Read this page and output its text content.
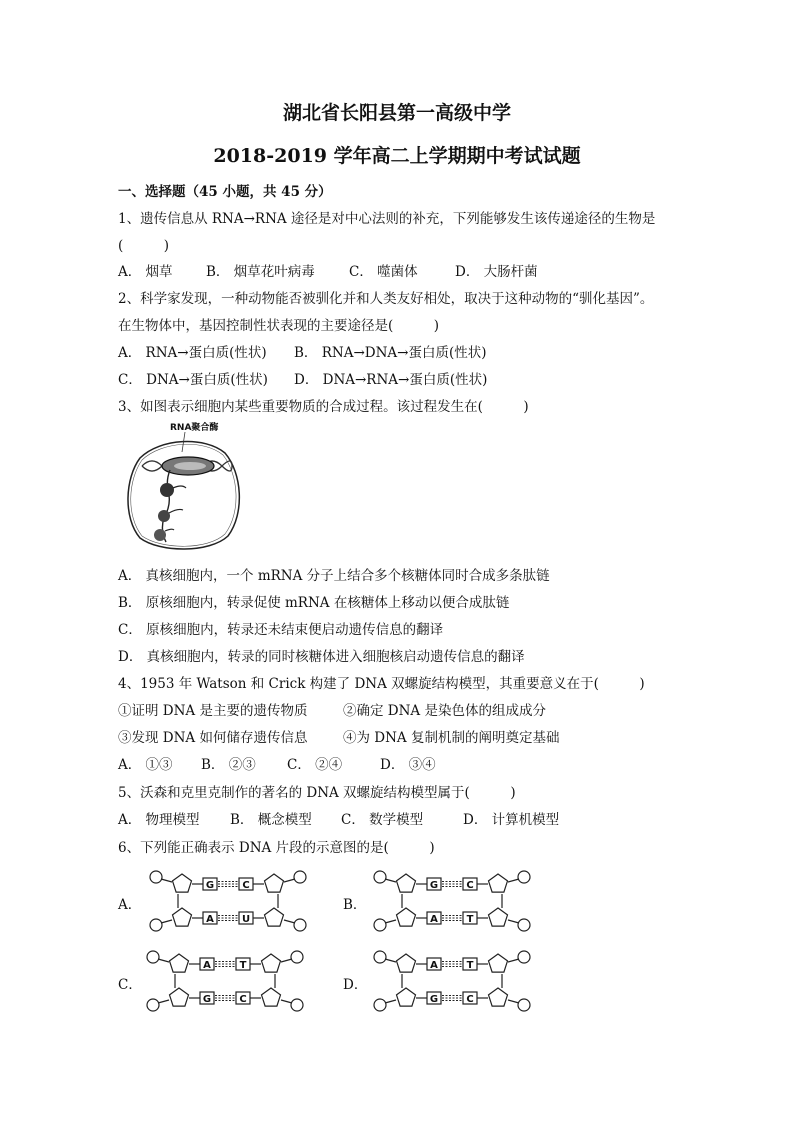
湖北省长阳县第一高级中学
2018-2019 学年高二上学期期中考试试题
一、选择题（45 小题，共 45 分）
1、遗传信息从 RNA→RNA 途径是对中心法则的补充，下列能够发生该传递途径的生物是
(　　　)
A． 烟草 B． 烟草花叶病毒	C． 噬菌体	D． 大肠杆菌
2、科学家发现，一种动物能否被驯化并和人类友好相处，取决于这种动物的“驯化基因”。
在生物体中，基因控制性状表现的主要途径是(　　　)
A． RNA→蛋白质(性状) B． RNA→DNA→蛋白质(性状)
C． DNA→蛋白质(性状) D． DNA→RNA→蛋白质(性状)
3、如图表示细胞内某些重要物质的合成过程。该过程发生在(　　　)
RNA聚合酶
A． 真核细胞内，一个 mRNA 分子上结合多个核糖体同时合成多条肽链
B． 原核细胞内，转录促使 mRNA 在核糖体上移动以便合成肽链
C． 原核细胞内，转录还未结束便启动遗传信息的翻译
D． 真核细胞内，转录的同时核糖体进入细胞核启动遗传信息的翻译
4、1953 年 Watson 和 Crick 构建了 DNA 双螺旋结构模型，其重要意义在于(　　　)
①证明 DNA 是主要的遗传物质	②确定 DNA 是染色体的组成成分
③发现 DNA 如何储存遗传信息	④为 DNA 复制机制的阐明奠定基础
A． ①③ B． ②③ C． ②④	D． ③④
5、沃森和克里克制作的著名的 DNA 双螺旋结构模型属于(　　　)
A． 物理模型 B． 概念模型 C． 数学模型	D． 计算机模型
6、下列能正确表示 DNA 片段的示意图的是(　　　)
A．	B．
C．	D．
G	C
A	U
G	C
A	T
A	T
G	C
A	T
G	C
